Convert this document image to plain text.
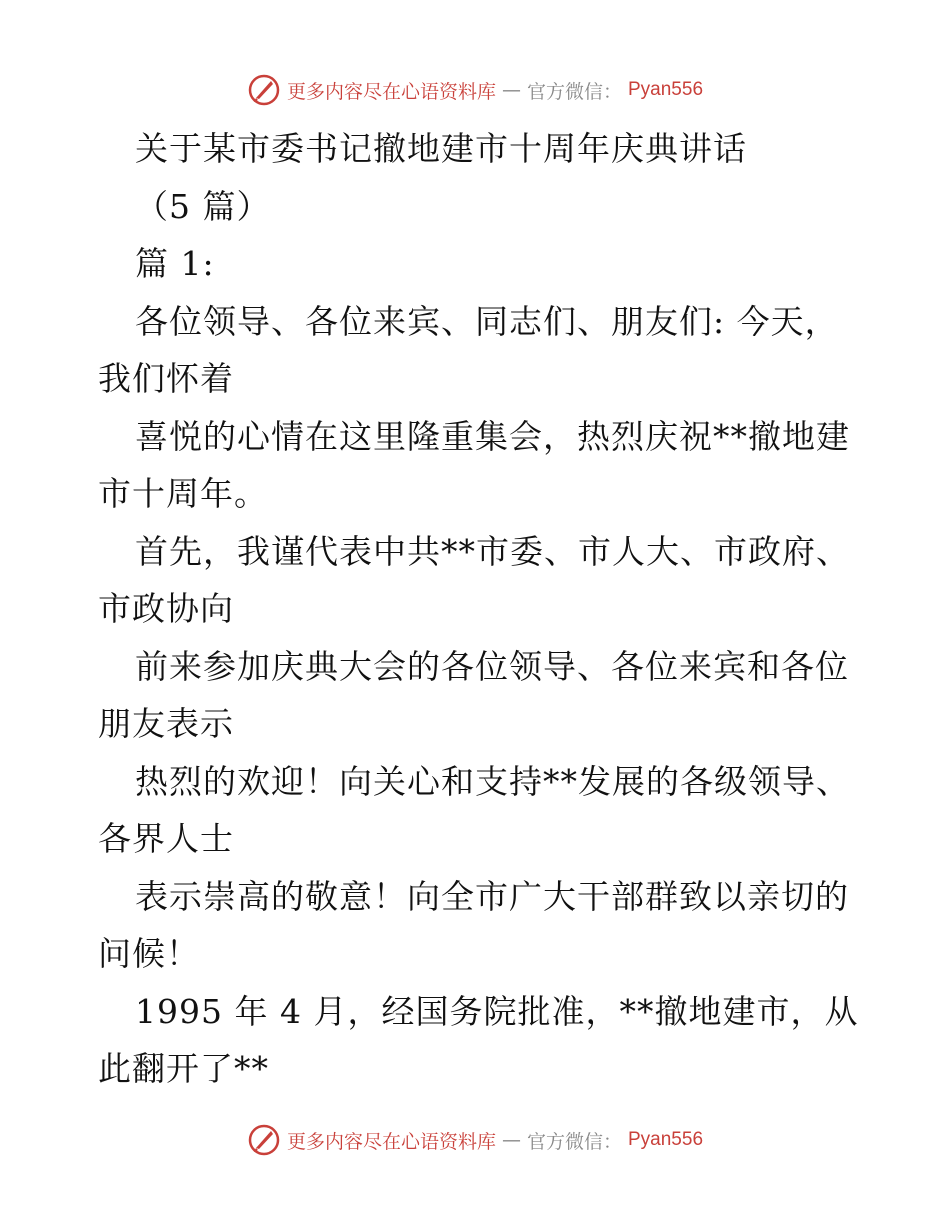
更多内容尽在心语资料库 — 官方微信： Pyan556
关于某市委书记撤地建市十周年庆典讲话
（5 篇）
篇 1:
各位领导、各位来宾、同志们、朋友们: 今天，
我们怀着
喜悦的心情在这里隆重集会，热烈庆祝**撤地建
市十周年。
首先，我谨代表中共**市委、市人大、市政府、
市政协向
前来参加庆典大会的各位领导、各位来宾和各位
朋友表示
热烈的欢迎！向关心和支持**发展的各级领导、
各界人士
表示崇高的敬意！向全市广大干部群致以亲切的
问候！
1995 年 4 月，经国务院批准，**撤地建市，从
此翻开了**
更多内容尽在心语资料库 — 官方微信： Pyan556
